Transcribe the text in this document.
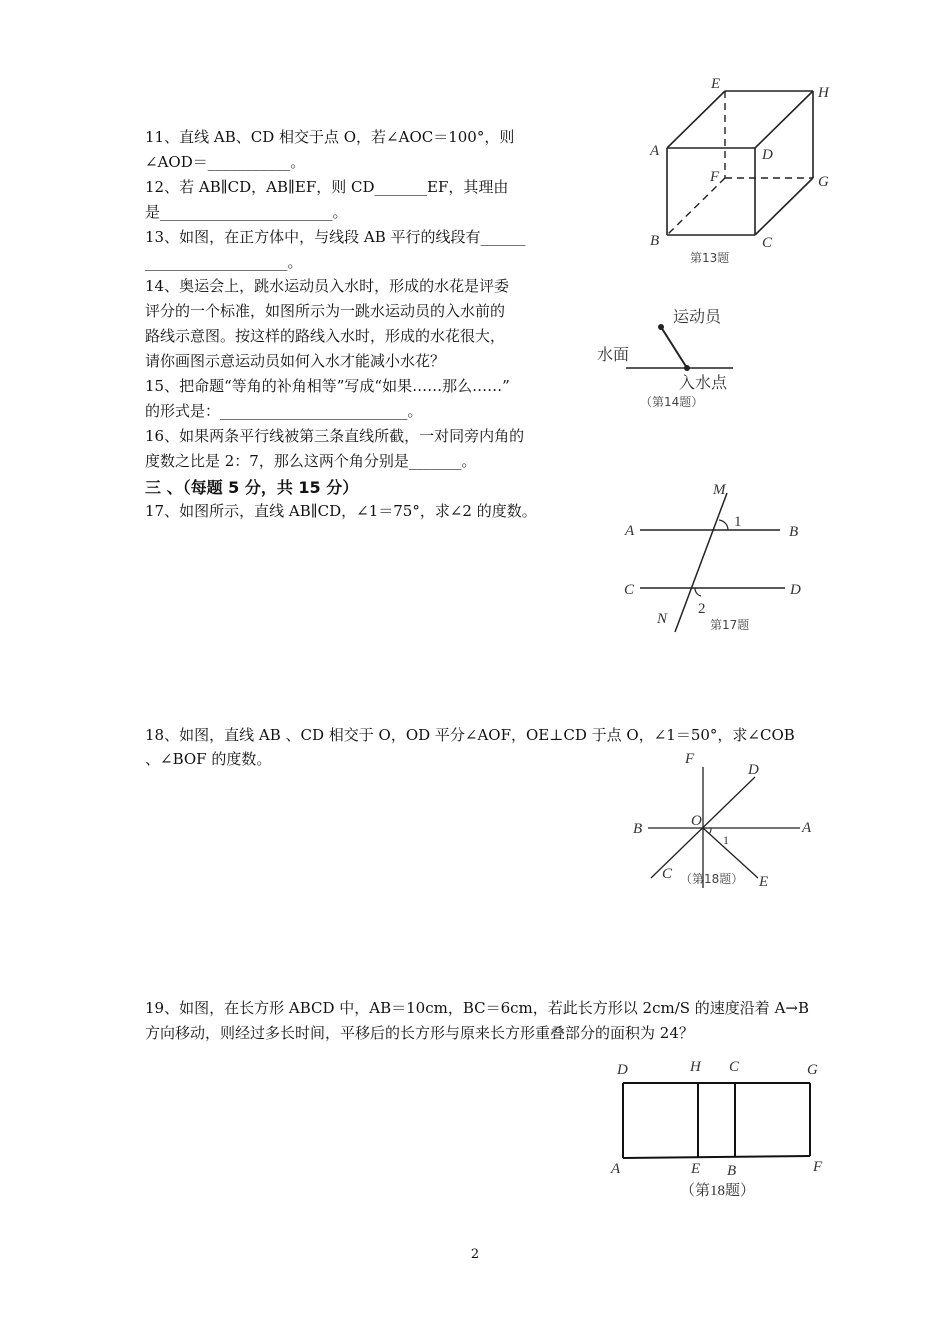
11、直线 AB、CD 相交于点 O，若∠AOC＝100°，则
∠AOD＝___________。
12、若 AB∥CD，AB∥EF，则 CD_______EF，其理由
是_______________________。
13、如图，在正方体中，与线段 AB 平行的线段有______
___________________。
14、奥运会上，跳水运动员入水时，形成的水花是评委
评分的一个标准，如图所示为一跳水运动员的入水前的
路线示意图。按这样的路线入水时，形成的水花很大，
请你画图示意运动员如何入水才能减小水花？
15、把命题“等角的补角相等”写成“如果……那么……”
的形式是：_________________________。
16、如果两条平行线被第三条直线所截，一对同旁内角的
度数之比是 2：7，那么这两个角分别是_______。
三 、（每题 5 分，共 15 分）
17、如图所示，直线 AB∥CD，∠1＝75°，求∠2 的度数。
18、如图，直线 AB 、CD 相交于 O，OD 平分∠AOF，OE⊥CD 于点 O，∠1＝50°，求∠COB
、∠BOF 的度数。
19、如图，在长方形 ABCD 中，AB＝10cm，BC＝6cm，若此长方形以 2cm/S 的速度沿着 A→B
方向移动，则经过多长时间，平移后的长方形与原来长方形重叠部分的面积为 24？
E
H
A	D
F	G
B	C
第13题
运动员
水面
入水点
（第14题）
M
A	B
1
C	D
2
N	第17题
F
D
O
B	A
1
C	E
（第18题）
D	H C	G
A	E B	F
（第18题）
2
